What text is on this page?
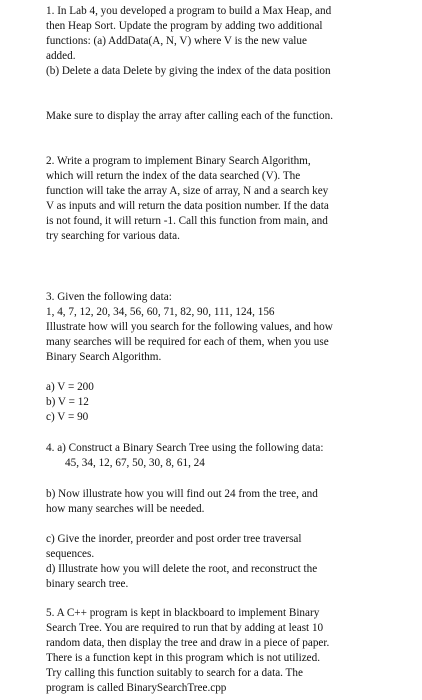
1. In Lab 4, you developed a program to build a Max Heap, and
then Heap Sort. Update the program by adding two additional
functions: (a) AddData(A, N, V) where V is the new value
added.
(b) Delete a data Delete by giving the index of the data position
Make sure to display the array after calling each of the function.
2. Write a program to implement Binary Search Algorithm,
which will return the index of the data searched (V). The
function will take the array A, size of array, N and a search key
V as inputs and will return the data position number. If the data
is not found, it will return -1. Call this function from main, and
try searching for various data.
3. Given the following data:
1, 4, 7, 12, 20, 34, 56, 60, 71, 82, 90, 111, 124, 156
Illustrate how will you search for the following values, and how
many searches will be required for each of them, when you use
Binary Search Algorithm.
a) V = 200
b) V = 12
c) V = 90
4. a) Construct a Binary Search Tree using the following data:
45, 34, 12, 67, 50, 30, 8, 61, 24
b) Now illustrate how you will find out 24 from the tree, and
how many searches will be needed.
c) Give the inorder, preorder and post order tree traversal
sequences.
d) Illustrate how you will delete the root, and reconstruct the
binary search tree.
5. A C++ program is kept in blackboard to implement Binary
Search Tree. You are required to run that by adding at least 10
random data, then display the tree and draw in a piece of paper.
There is a function kept in this program which is not utilized.
Try calling this function suitably to search for a data. The
program is called BinarySearchTree.cpp
